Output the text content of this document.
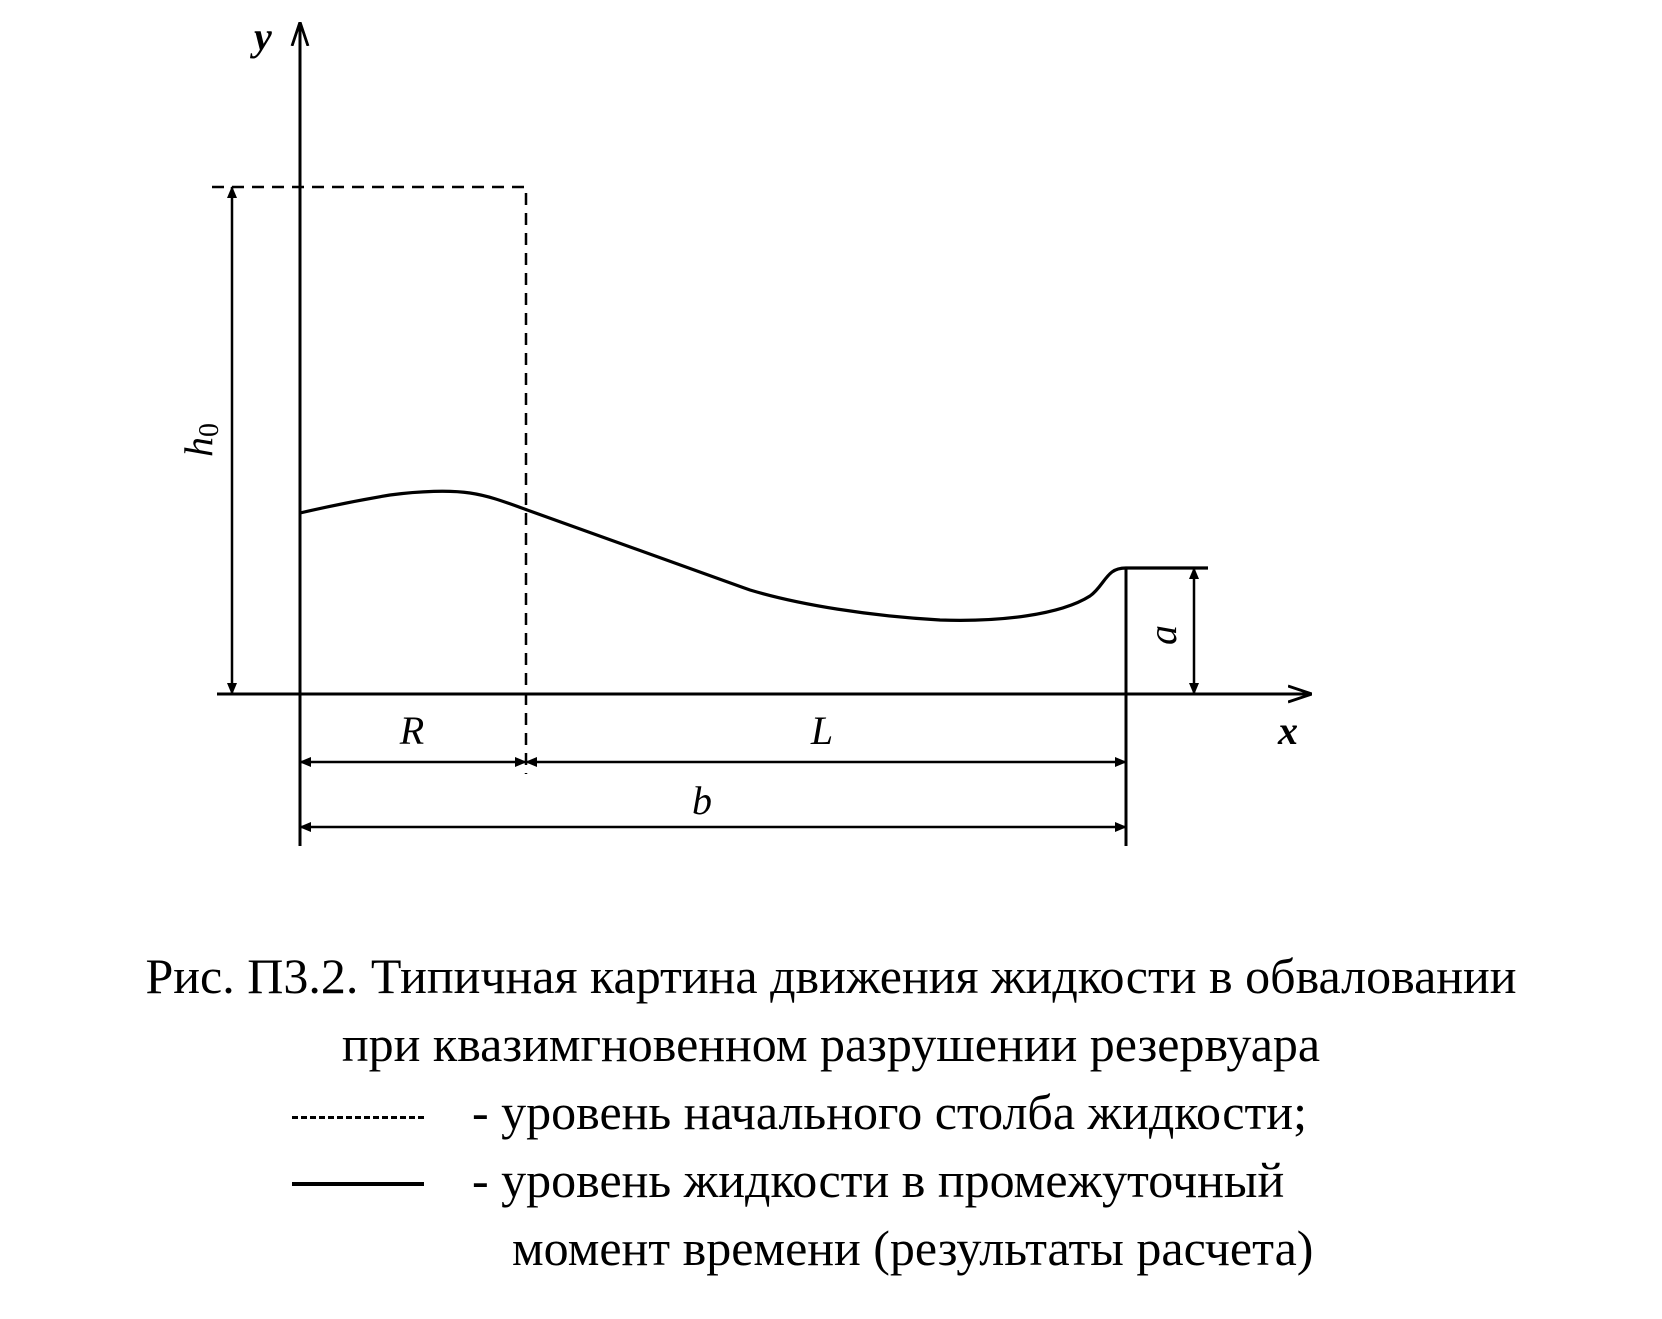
y
x
h0
a
R	L
b
Рис. П3.2. Типичная картина движения жидкости в обваловании
при квазимгновенном разрушении резервуара
- уровень начального столба жидкости;
- уровень жидкости в промежуточный
момент времени (результаты расчета)
